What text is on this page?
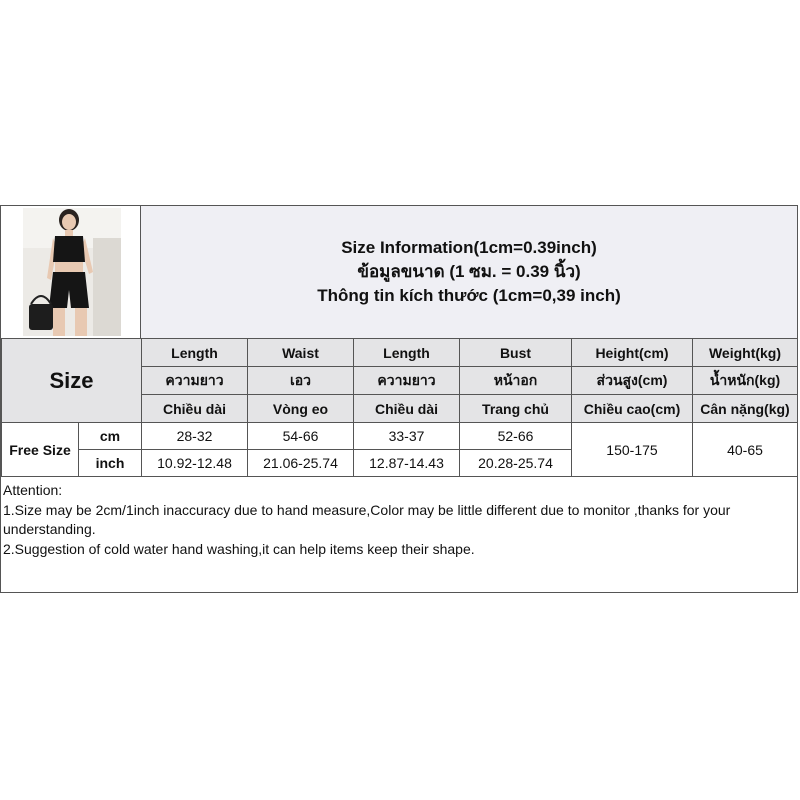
Size Information(1cm=0.39inch)
ข้อมูลขนาด (1 ซม. = 0.39 นิ้ว)
Thông tin kích thước (1cm=0,39 inch)
Size		Length	Waist	Length	Bust	Height(cm)	Weight(kg)
		ความยาว	เอว	ความยาว	หน้าอก	ส่วนสูง(cm)	น้ำหนัก(kg)
		Chiều dài	Vòng eo	Chiều dài	Trang chủ	Chiều cao(cm)	Cân nặng(kg)
Free Size	cm	28-32	54-66	33-37	52-66	150-175	40-65
	inch	10.92-12.48	21.06-25.74	12.87-14.43	20.28-25.74		
Attention:
1.Size may be 2cm/1inch inaccuracy due to hand measure,Color may be little different due to monitor ,thanks for your understanding.
2.Suggestion of cold water hand washing,it can help items keep their shape.
